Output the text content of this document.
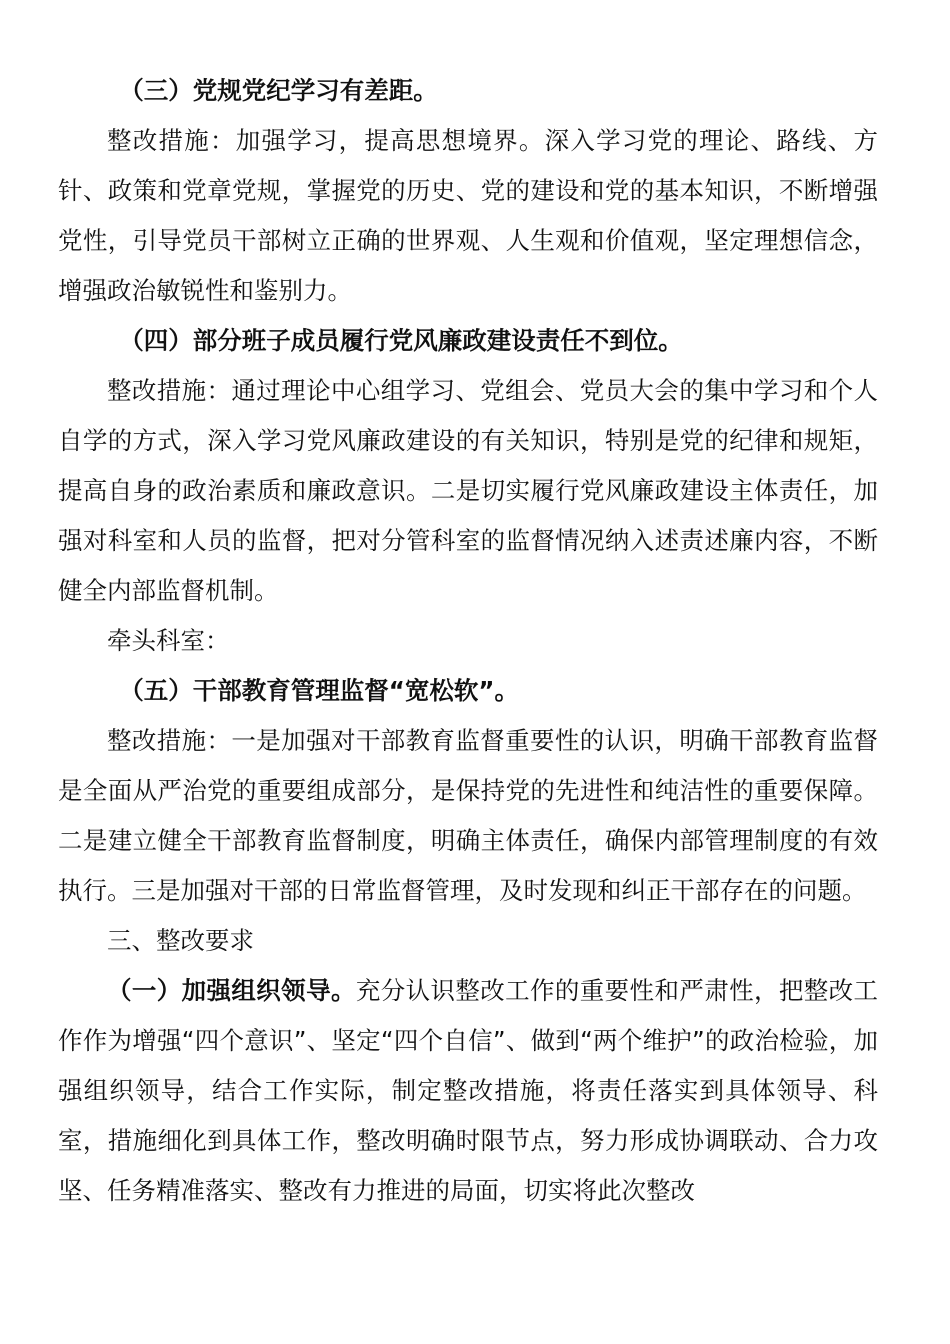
（三）党规党纪学习有差距。

整改措施：加强学习，提高思想境界。深入学习党的理论、路线、方针、政策和党章党规，掌握党的历史、党的建设和党的基本知识，不断增强党性，引导党员干部树立正确的世界观、人生观和价值观，坚定理想信念，增强政治敏锐性和鉴别力。

（四）部分班子成员履行党风廉政建设责任不到位。

整改措施：通过理论中心组学习、党组会、党员大会的集中学习和个人自学的方式，深入学习党风廉政建设的有关知识，特别是党的纪律和规矩，提高自身的政治素质和廉政意识。二是切实履行党风廉政建设主体责任，加强对科室和人员的监督，把对分管科室的监督情况纳入述责述廉内容，不断健全内部监督机制。

牵头科室：

（五）干部教育管理监督“宽松软”。

整改措施：一是加强对干部教育监督重要性的认识，明确干部教育监督是全面从严治党的重要组成部分，是保持党的先进性和纯洁性的重要保障。二是建立健全干部教育监督制度，明确主体责任，确保内部管理制度的有效执行。三是加强对干部的日常监督管理，及时发现和纠正干部存在的问题。

三、整改要求

（一）加强组织领导。充分认识整改工作的重要性和严肃性，把整改工作作为增强“四个意识”、坚定“四个自信”、做到“两个维护”的政治检验，加强组织领导，结合工作实际，制定整改措施，将责任落实到具体领导、科室，措施细化到具体工作，整改明确时限节点，努力形成协调联动、合力攻坚、任务精准落实、整改有力推进的局面，切实将此次整改
